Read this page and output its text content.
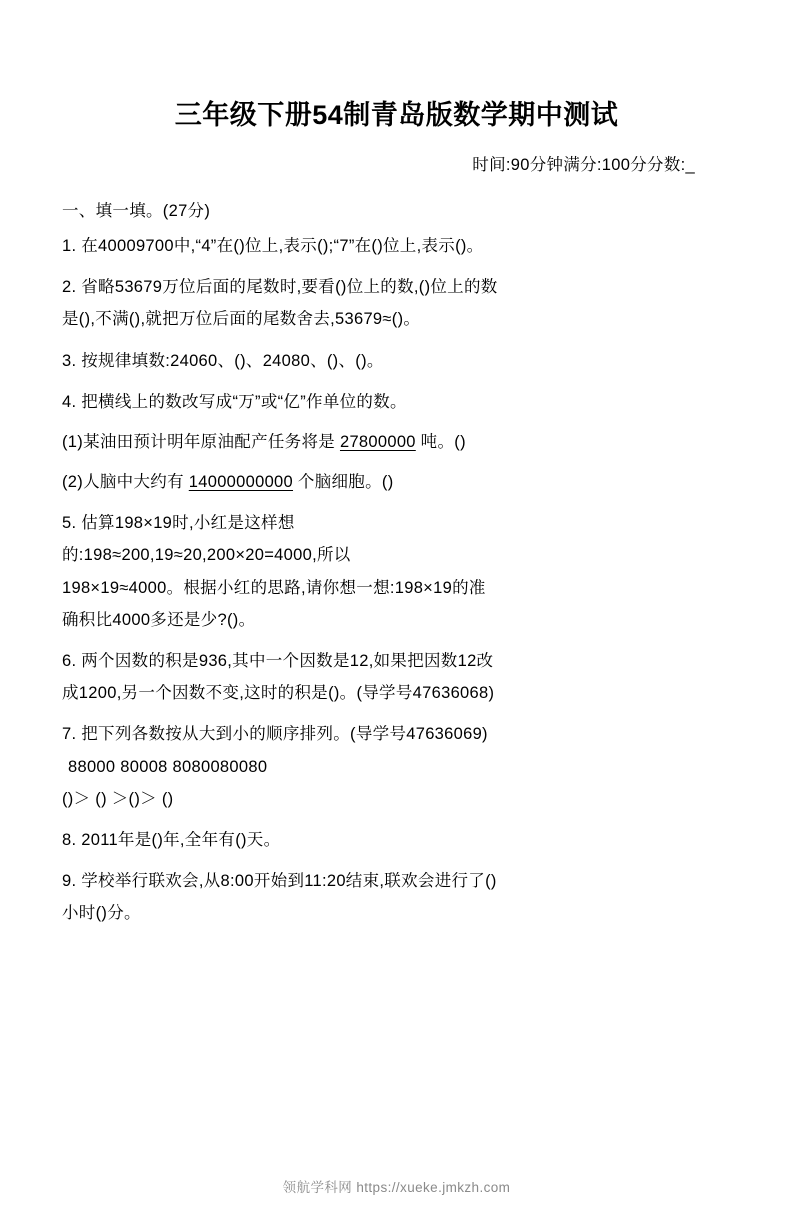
三年级下册54制青岛版数学期中测试
时间:90分钟满分:100分分数:_
一、填一填。(27分)
1. 在40009700中,“4”在()位上,表示();“7”在()位上,表示()。
2. 省略53679万位后面的尾数时,要看()位上的数,()位上的数
是(),不满(),就把万位后面的尾数舍去,53679≈()。
3. 按规律填数:24060、()、24080、()、()。
4. 把横线上的数改写成“万”或“亿”作单位的数。
(1)某油田预计明年原油配产任务将是 27800000 吨。()
(2)人脑中大约有 14000000000 个脑细胞。()
5. 估算198×19时,小红是这样想
的:198≈200,19≈20,200×20=4000,所以
198×19≈4000。根据小红的思路,请你想一想:198×19的准
确积比4000多还是少?()。
6. 两个因数的积是936,其中一个因数是12,如果把因数12改
成1200,另一个因数不变,这时的积是()。(导学号47636068)
7. 把下列各数按从大到小的顺序排列。(导学号47636069)
88000 80008 8080080080
()＞ () ＞()＞ ()
8. 2011年是()年,全年有()天。
9. 学校举行联欢会,从8:00开始到11:20结束,联欢会进行了()
小时()分。
领航学科网 https://xueke.jmkzh.com
